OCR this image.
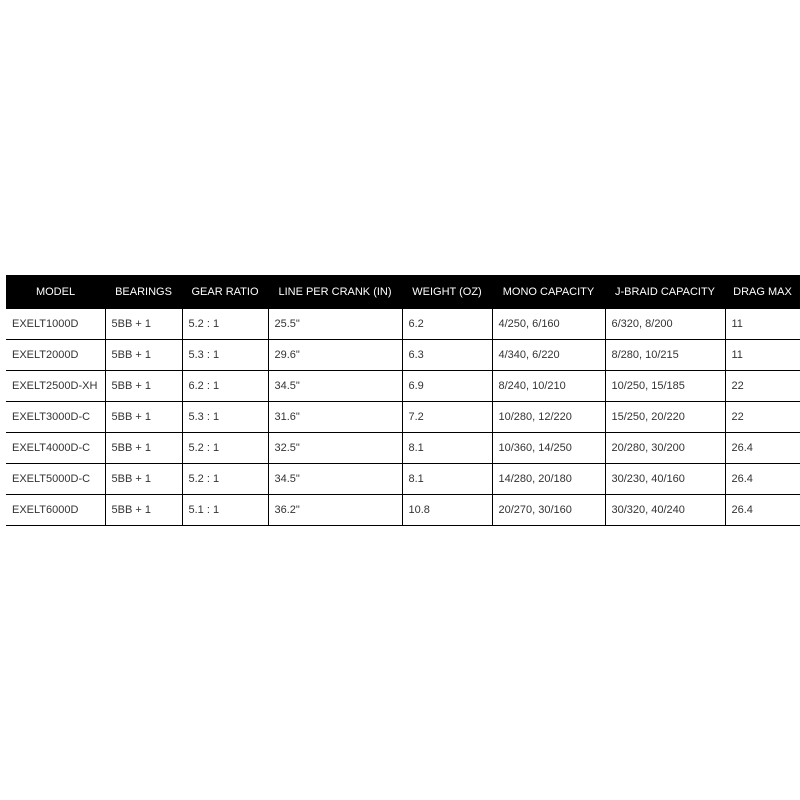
MODEL	BEARINGS	GEAR RATIO	LINE PER CRANK (IN)	WEIGHT (OZ)	MONO CAPACITY	J-BRAID CAPACITY	DRAG MAX
EXELT1000D	5BB + 1	5.2 : 1	25.5"	6.2	4/250, 6/160	6/320, 8/200	11
EXELT2000D	5BB + 1	5.3 : 1	29.6"	6.3	4/340, 6/220	8/280, 10/215	11
EXELT2500D-XH	5BB + 1	6.2 : 1	34.5"	6.9	8/240, 10/210	10/250, 15/185	22
EXELT3000D-C	5BB + 1	5.3 : 1	31.6"	7.2	10/280, 12/220	15/250, 20/220	22
EXELT4000D-C	5BB + 1	5.2 : 1	32.5"	8.1	10/360, 14/250	20/280, 30/200	26.4
EXELT5000D-C	5BB + 1	5.2 : 1	34.5"	8.1	14/280, 20/180	30/230, 40/160	26.4
EXELT6000D	5BB + 1	5.1 : 1	36.2"	10.8	20/270, 30/160	30/320, 40/240	26.4
